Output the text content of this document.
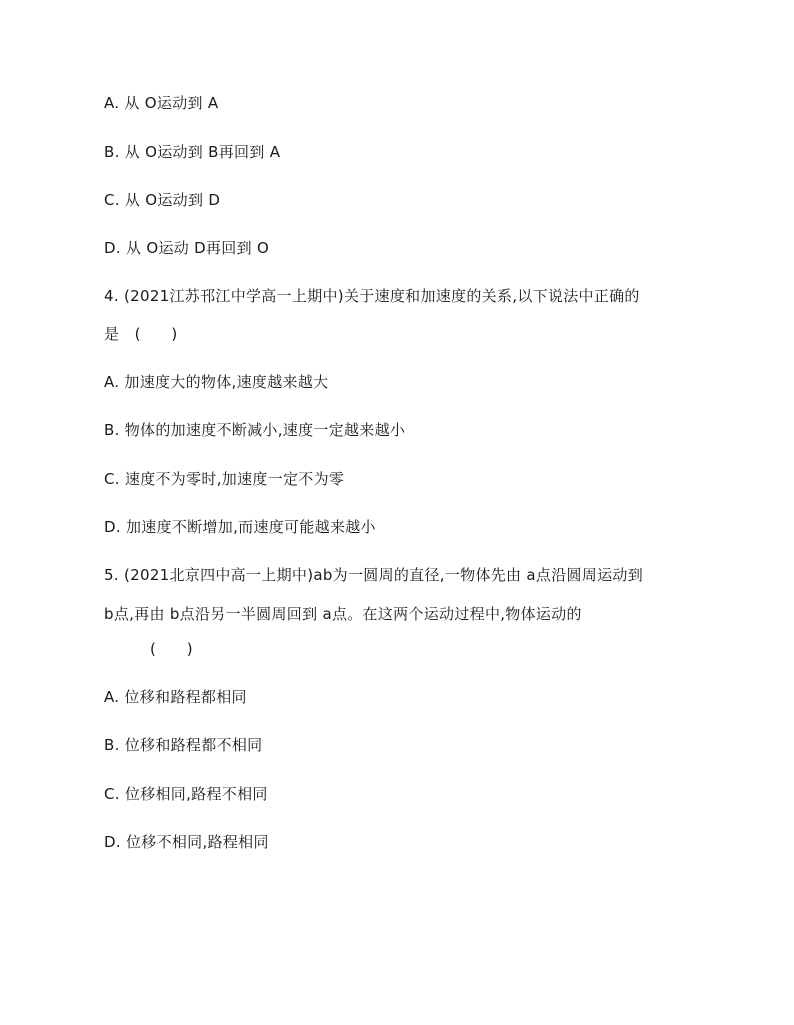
A. 从 O运动到 A
B. 从 O运动到 B再回到 A
C. 从 O运动到 D
D. 从 O运动 D再回到 O
4. (2021江苏邗江中学高一上期中)关于速度和加速度的关系,以下说法中正确的
是　(　　)
A. 加速度大的物体,速度越来越大
B. 物体的加速度不断减小,速度一定越来越小
C. 速度不为零时,加速度一定不为零
D. 加速度不断增加,而速度可能越来越小
5. (2021北京四中高一上期中)ab为一圆周的直径,一物体先由 a点沿圆周运动到
b点,再由 b点沿另一半圆周回到 a点。在这两个运动过程中,物体运动的
(　　)
A. 位移和路程都相同
B. 位移和路程都不相同
C. 位移相同,路程不相同
D. 位移不相同,路程相同
